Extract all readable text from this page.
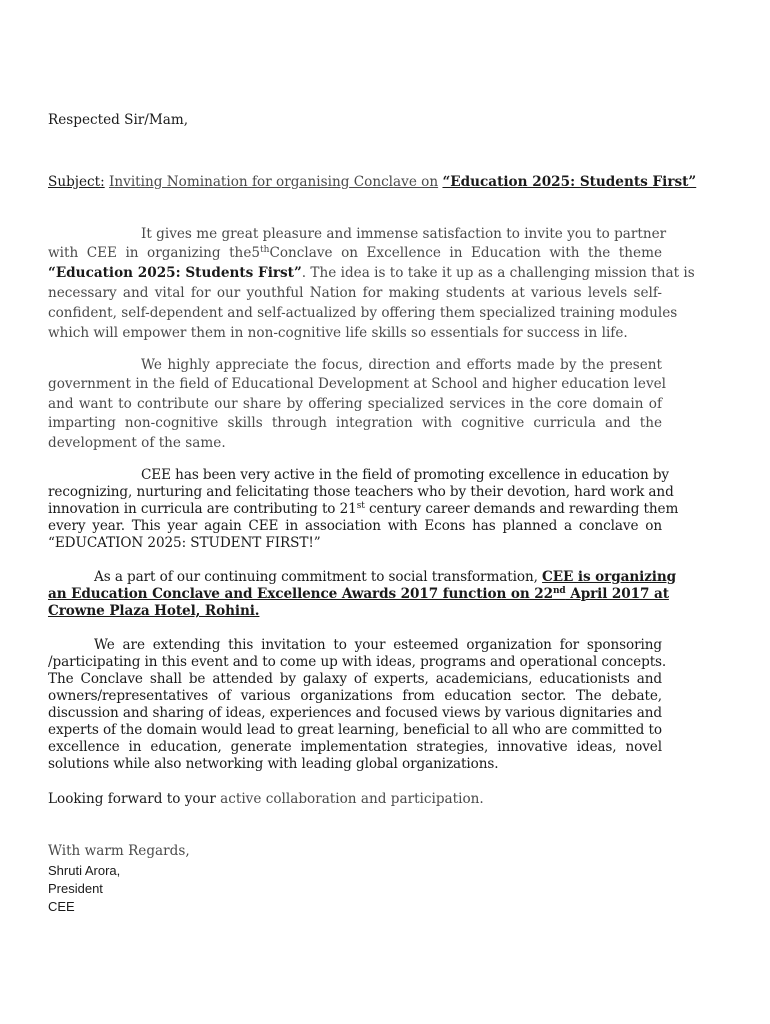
Respected Sir/Mam,
Subject: Inviting Nomination for organising Conclave on “Education 2025: Students First”
It gives me great pleasure and immense satisfaction to invite you to partner
with CEE in organizing the5thConclave on Excellence in Education with the theme
“Education 2025: Students First”. The idea is to take it up as a challenging mission that is
necessary and vital for our youthful Nation for making students at various levels self-
confident, self-dependent and self-actualized by offering them specialized training modules
which will empower them in non-cognitive life skills so essentials for success in life.
We highly appreciate the focus, direction and efforts made by the present
government in the field of Educational Development at School and higher education level
and want to contribute our share by offering specialized services in the core domain of
imparting non-cognitive skills through integration with cognitive curricula and the
development of the same.
CEE has been very active in the field of promoting excellence in education by
recognizing, nurturing and felicitating those teachers who by their devotion, hard work and
innovation in curricula are contributing to 21st century career demands and rewarding them
every year. This year again CEE in association with Econs has planned a conclave on
“EDUCATION 2025: STUDENT FIRST!”
As a part of our continuing commitment to social transformation, CEE is organizing
an Education Conclave and Excellence Awards 2017 function on 22nd April 2017 at
Crowne Plaza Hotel, Rohini.
We are extending this invitation to your esteemed organization for sponsoring
/participating in this event and to come up with ideas, programs and operational concepts.
The Conclave shall be attended by galaxy of experts, academicians, educationists and
owners/representatives of various organizations from education sector. The debate,
discussion and sharing of ideas, experiences and focused views by various dignitaries and
experts of the domain would lead to great learning, beneficial to all who are committed to
excellence in education, generate implementation strategies, innovative ideas, novel
solutions while also networking with leading global organizations.
Looking forward to your active collaboration and participation.
With warm Regards,
Shruti Arora,
President
CEE
